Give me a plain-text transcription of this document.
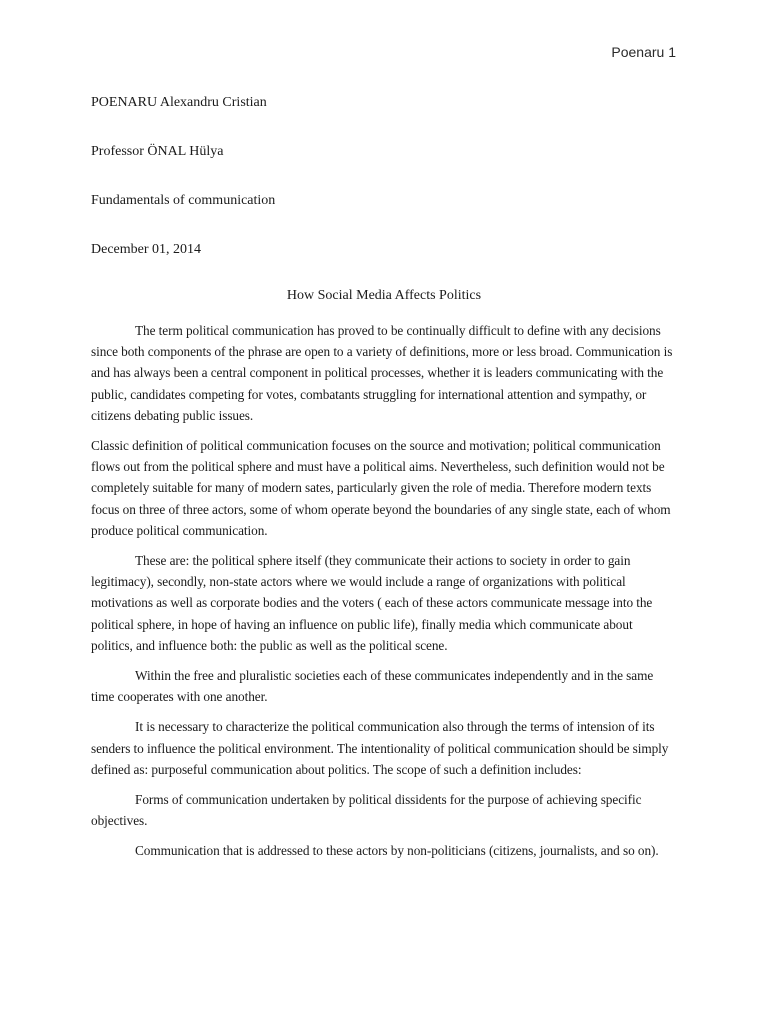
Poenaru 1
POENARU Alexandru Cristian
Professor ÖNAL Hülya
Fundamentals of communication
December 01, 2014
How Social Media Affects Politics

The term political communication has proved to be continually difficult to define with any decisions since both components of the phrase are open to a variety of definitions, more or less broad. Communication is and has always been a central component in political processes, whether it is leaders communicating with the public, candidates competing for votes, combatants struggling for international attention and sympathy, or citizens debating public issues.

Classic definition of political communication focuses on the source and motivation; political communication flows out from the political sphere and must have a political aims. Nevertheless, such definition would not be completely suitable for many of modern sates, particularly given the role of media. Therefore modern texts focus on three of three actors, some of whom operate beyond the boundaries of any single state, each of whom produce political communication.

These are: the political sphere itself (they communicate their actions to society in order to gain legitimacy), secondly, non-state actors where we would include a range of organizations with political motivations as well as corporate bodies and the voters ( each of these actors communicate message into the political sphere, in hope of having an influence on public life), finally media which communicate about politics, and influence both: the public as well as the political scene.

Within the free and pluralistic societies each of these communicates independently and in the same time cooperates with one another.

It is necessary to characterize the political communication also through the terms of intension of its senders to influence the political environment. The intentionality of political communication should be simply defined as: purposeful communication about politics. The scope of such a definition includes:

Forms of communication undertaken by political dissidents for the purpose of achieving specific objectives.

Communication that is addressed to these actors by non-politicians (citizens, journalists, and so on).
